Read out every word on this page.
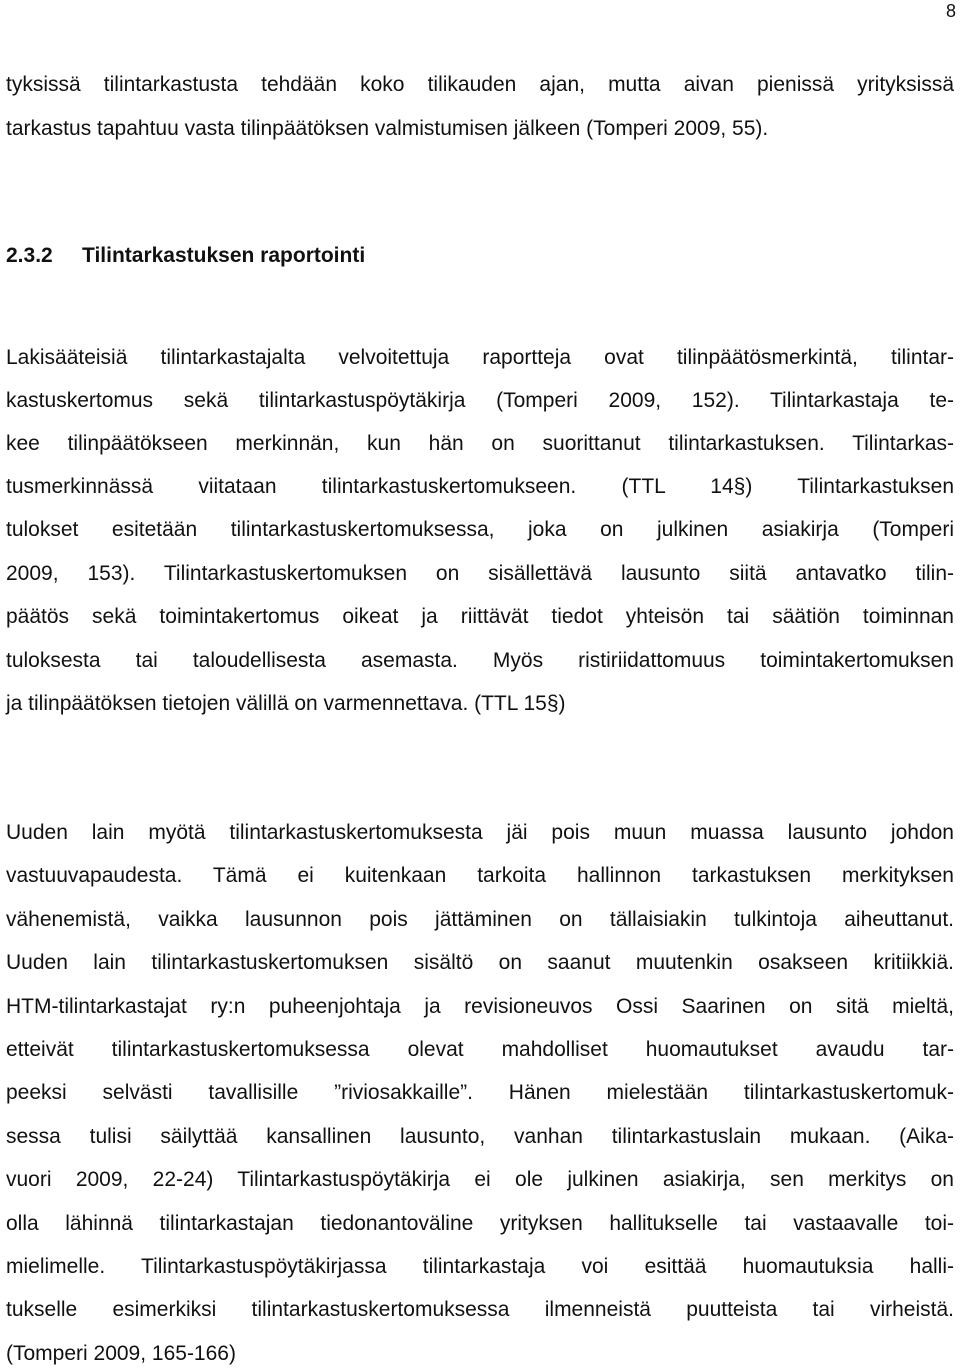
8

tyksissä tilintarkastusta tehdään koko tilikauden ajan, mutta aivan pienissä yrityksissä

tarkastus tapahtuu vasta tilinpäätöksen valmistumisen jälkeen (Tomperi 2009, 55).

2.3.2 Tilintarkastuksen raportointi

Lakisääteisiä tilintarkastajalta velvoitettuja raportteja ovat tilinpäätösmerkintä, tilintar-

kastuskertomus sekä tilintarkastuspöytäkirja (Tomperi 2009, 152). Tilintarkastaja te-

kee tilinpäätökseen merkinnän, kun hän on suorittanut tilintarkastuksen. Tilintarkas-

tusmerkinnässä viitataan tilintarkastuskertomukseen. (TTL 14§) Tilintarkastuksen

tulokset esitetään tilintarkastuskertomuksessa, joka on julkinen asiakirja (Tomperi

2009, 153). Tilintarkastuskertomuksen on sisällettävä lausunto siitä antavatko tilin-

päätös sekä toimintakertomus oikeat ja riittävät tiedot yhteisön tai säätiön toiminnan

tuloksesta tai taloudellisesta asemasta. Myös ristiriidattomuus toimintakertomuksen

ja tilinpäätöksen tietojen välillä on varmennettava. (TTL 15§)

Uuden lain myötä tilintarkastuskertomuksesta jäi pois muun muassa lausunto johdon

vastuuvapaudesta. Tämä ei kuitenkaan tarkoita hallinnon tarkastuksen merkityksen

vähenemistä, vaikka lausunnon pois jättäminen on tällaisiakin tulkintoja aiheuttanut.

Uuden lain tilintarkastuskertomuksen sisältö on saanut muutenkin osakseen kritiikkiä.

HTM-tilintarkastajat ry:n puheenjohtaja ja revisioneuvos Ossi Saarinen on sitä mieltä,

etteivät tilintarkastuskertomuksessa olevat mahdolliset huomautukset avaudu tar-

peeksi selvästi tavallisille ”riviosakkaille”. Hänen mielestään tilintarkastuskertomuk-

sessa tulisi säilyttää kansallinen lausunto, vanhan tilintarkastuslain mukaan. (Aika-

vuori 2009, 22-24) Tilintarkastuspöytäkirja ei ole julkinen asiakirja, sen merkitys on

olla lähinnä tilintarkastajan tiedonantoväline yrityksen hallitukselle tai vastaavalle toi-

mielimelle. Tilintarkastuspöytäkirjassa tilintarkastaja voi esittää huomautuksia halli-

tukselle esimerkiksi tilintarkastuskertomuksessa ilmenneistä puutteista tai virheistä.

(Tomperi 2009, 165-166)
